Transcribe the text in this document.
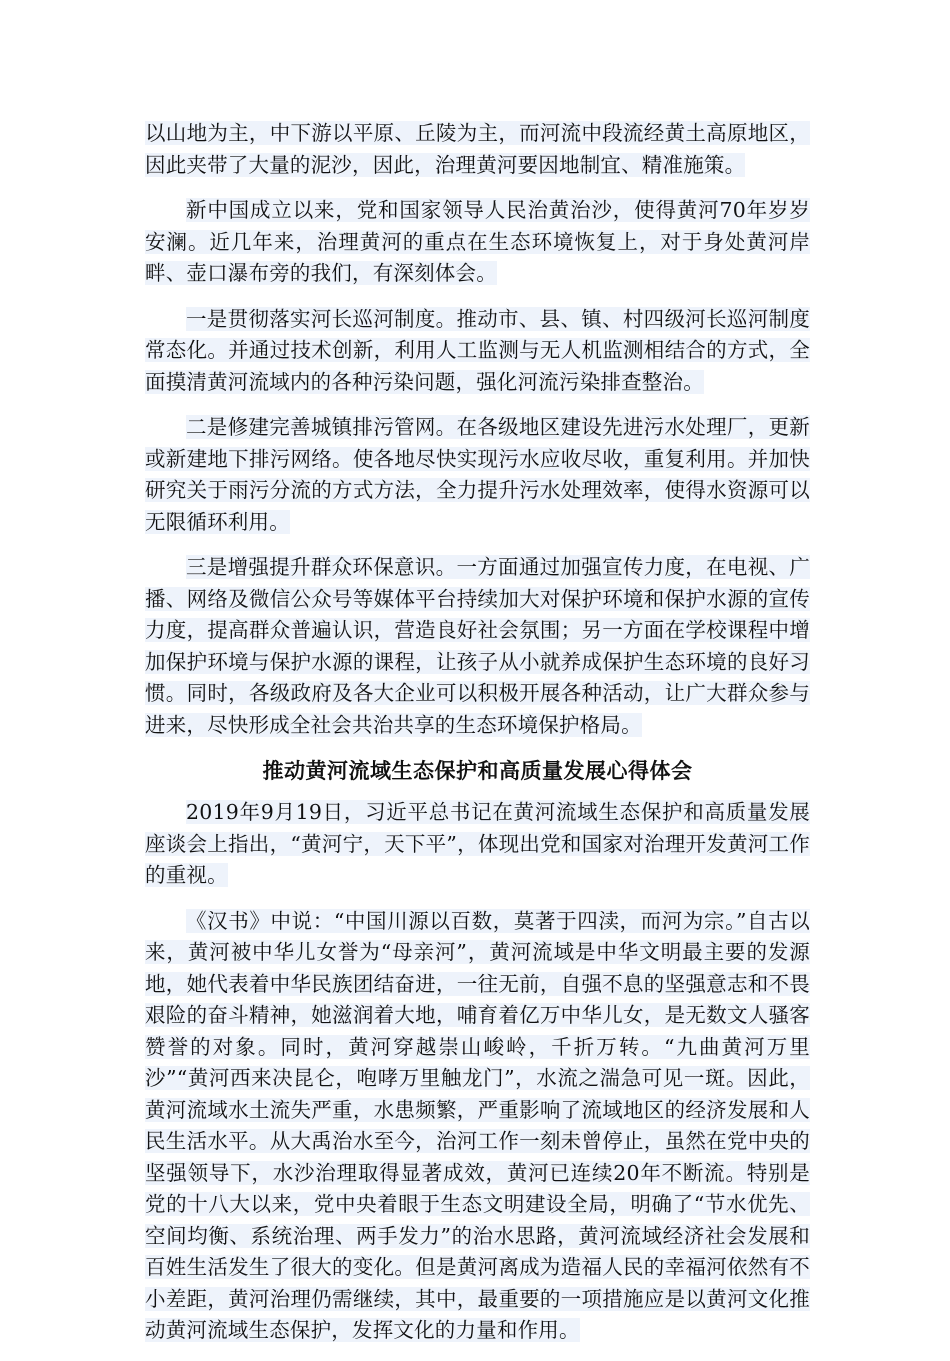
以山地为主，中下游以平原、丘陵为主，而河流中段流经黄土高原地区，因此夹带了大量的泥沙，因此，治理黄河要因地制宜、精准施策。

新中国成立以来，党和国家领导人民治黄治沙，使得黄河70年岁岁安澜。近几年来，治理黄河的重点在生态环境恢复上，对于身处黄河岸畔、壶口瀑布旁的我们，有深刻体会。

一是贯彻落实河长巡河制度。推动市、县、镇、村四级河长巡河制度常态化。并通过技术创新，利用人工监测与无人机监测相结合的方式，全面摸清黄河流域内的各种污染问题，强化河流污染排查整治。

二是修建完善城镇排污管网。在各级地区建设先进污水处理厂，更新或新建地下排污网络。使各地尽快实现污水应收尽收，重复利用。并加快研究关于雨污分流的方式方法，全力提升污水处理效率，使得水资源可以无限循环利用。

三是增强提升群众环保意识。一方面通过加强宣传力度，在电视、广播、网络及微信公众号等媒体平台持续加大对保护环境和保护水源的宣传力度，提高群众普遍认识，营造良好社会氛围；另一方面在学校课程中增加保护环境与保护水源的课程，让孩子从小就养成保护生态环境的良好习惯。同时，各级政府及各大企业可以积极开展各种活动，让广大群众参与进来，尽快形成全社会共治共享的生态环境保护格局。

推动黄河流域生态保护和高质量发展心得体会

2019年9月19日，习近平总书记在黄河流域生态保护和高质量发展座谈会上指出，“黄河宁，天下平”，体现出党和国家对治理开发黄河工作的重视。

《汉书》中说：“中国川源以百数，莫著于四渎，而河为宗。”自古以来，黄河被中华儿女誉为“母亲河”，黄河流域是中华文明最主要的发源地，她代表着中华民族团结奋进，一往无前，自强不息的坚强意志和不畏艰险的奋斗精神，她滋润着大地，哺育着亿万中华儿女，是无数文人骚客赞誉的对象。同时，黄河穿越崇山峻岭，千折万转。“九曲黄河万里沙”“黄河西来决昆仑，咆哮万里触龙门”，水流之湍急可见一斑。因此，黄河流域水土流失严重，水患频繁，严重影响了流域地区的经济发展和人民生活水平。从大禹治水至今，治河工作一刻未曾停止，虽然在党中央的坚强领导下，水沙治理取得显著成效，黄河已连续20年不断流。特别是党的十八大以来，党中央着眼于生态文明建设全局，明确了“节水优先、空间均衡、系统治理、两手发力”的治水思路，黄河流域经济社会发展和百姓生活发生了很大的变化。但是黄河离成为造福人民的幸福河依然有不小差距，黄河治理仍需继续，其中，最重要的一项措施应是以黄河文化推动黄河流域生态保护，发挥文化的力量和作用。
